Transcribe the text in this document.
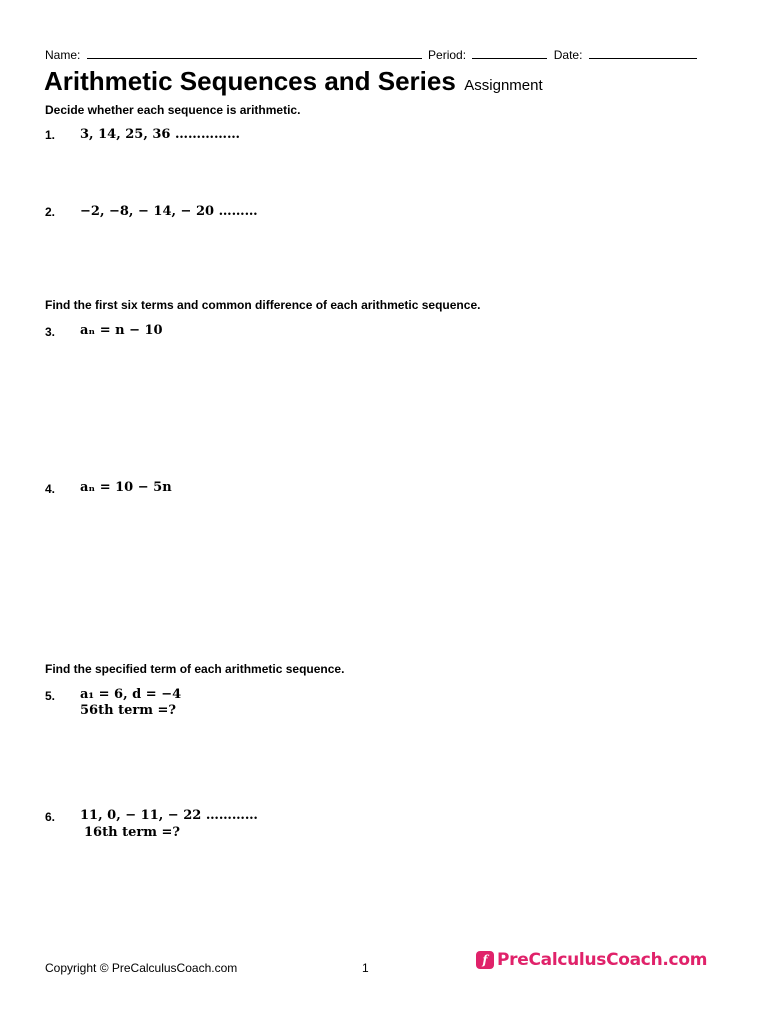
Name:	Period:	Date:
Arithmetic Sequences and Series Assignment
Decide whether each sequence is arithmetic.
1. 3, 14, 25, 36 ……………
2. −2, −8, − 14, − 20 ………
Find the first six terms and common difference of each arithmetic sequence.
3. aₙ = n − 10
4. aₙ = 10 − 5n
Find the specified term of each arithmetic sequence.
5. a₁ = 6, d = −4
56th term =?
6. 11, 0, − 11, − 22 …………
16th term =?
Copyright © PreCalculusCoach.com	1
f PreCalculusCoach.com
